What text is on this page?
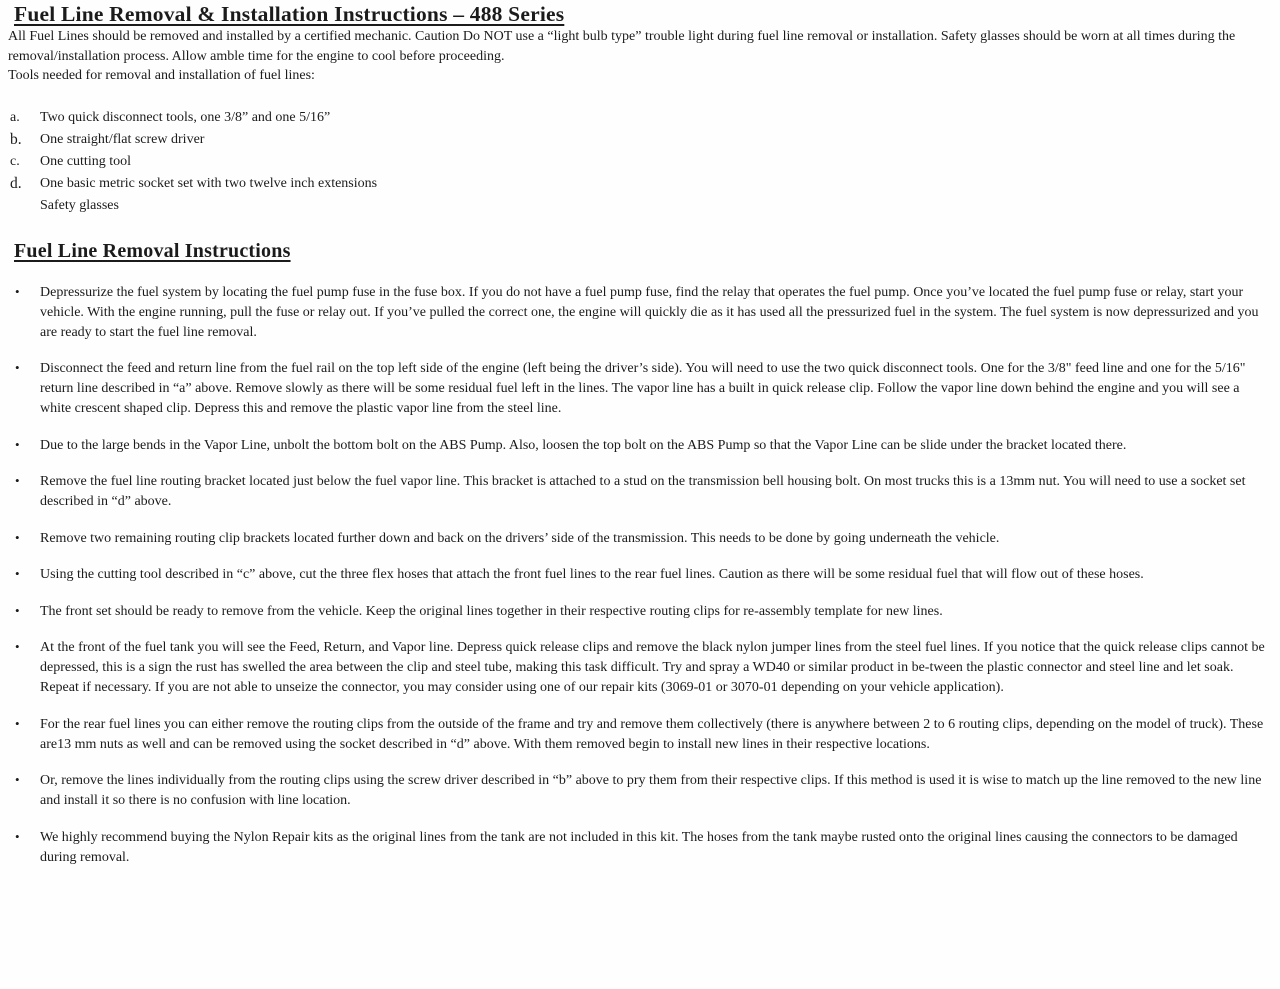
Fuel Line Removal & Installation Instructions – 488 Series

All Fuel Lines should be removed and installed by a certified mechanic. Caution Do NOT use a “light bulb type” trouble light during fuel line removal or installation. Safety glasses should be worn at all times during the removal/installation process. Allow amble time for the engine to cool before proceeding.

Tools needed for removal and installation of fuel lines:

a. Two quick disconnect tools, one 3/8” and one 5/16”
b. One straight/flat screw driver
c. One cutting tool
d. One basic metric socket set with two twelve inch extensions
Safety glasses
Fuel Line Removal Instructions
• Depressurize the fuel system by locating the fuel pump fuse in the fuse box. If you do not have a fuel pump fuse, find the relay that operates the fuel pump. Once you’ve located the fuel pump fuse or relay, start your vehicle. With the engine running, pull the fuse or relay out. If you’ve pulled the correct one, the engine will quickly die as it has used all the pressurized fuel in the system. The fuel system is now depressurized and you are ready to start the fuel line removal.
• Disconnect the feed and return line from the fuel rail on the top left side of the engine (left being the driver’s side). You will need to use the two quick disconnect tools. One for the 3/8" feed line and one for the 5/16" return line described in “a” above. Remove slowly as there will be some residual fuel left in the lines. The vapor line has a built in quick release clip. Follow the vapor line down behind the engine and you will see a white crescent shaped clip. Depress this and remove the plastic vapor line from the steel line.
• Due to the large bends in the Vapor Line, unbolt the bottom bolt on the ABS Pump. Also, loosen the top bolt on the ABS Pump so that the Vapor Line can be slide under the bracket located there.
• Remove the fuel line routing bracket located just below the fuel vapor line. This bracket is attached to a stud on the transmission bell housing bolt. On most trucks this is a 13mm nut. You will need to use a socket set described in “d” above.
• Remove two remaining routing clip brackets located further down and back on the drivers’ side of the transmission. This needs to be done by going underneath the vehicle.
• Using the cutting tool described in “c” above, cut the three flex hoses that attach the front fuel lines to the rear fuel lines. Caution as there will be some residual fuel that will flow out of these hoses.
• The front set should be ready to remove from the vehicle. Keep the original lines together in their respective routing clips for re-assembly template for new lines.
• At the front of the fuel tank you will see the Feed, Return, and Vapor line. Depress quick release clips and remove the black nylon jumper lines from the steel fuel lines. If you notice that the quick release clips cannot be depressed, this is a sign the rust has swelled the area between the clip and steel tube, making this task difficult. Try and spray a WD40 or similar product in be-tween the plastic connector and steel line and let soak. Repeat if necessary. If you are not able to unseize the connector, you may consider using one of our repair kits (3069-01 or 3070-01 depending on your vehicle application).
• For the rear fuel lines you can either remove the routing clips from the outside of the frame and try and remove them collectively (there is anywhere between 2 to 6 routing clips, depending on the model of truck). These are13 mm nuts as well and can be removed using the socket described in “d” above. With them removed begin to install new lines in their respective locations.
• Or, remove the lines individually from the routing clips using the screw driver described in “b” above to pry them from their respective clips. If this method is used it is wise to match up the line removed to the new line and install it so there is no confusion with line location.
• We highly recommend buying the Nylon Repair kits as the original lines from the tank are not included in this kit. The hoses from the tank maybe rusted onto the original lines causing the connectors to be damaged during removal.
